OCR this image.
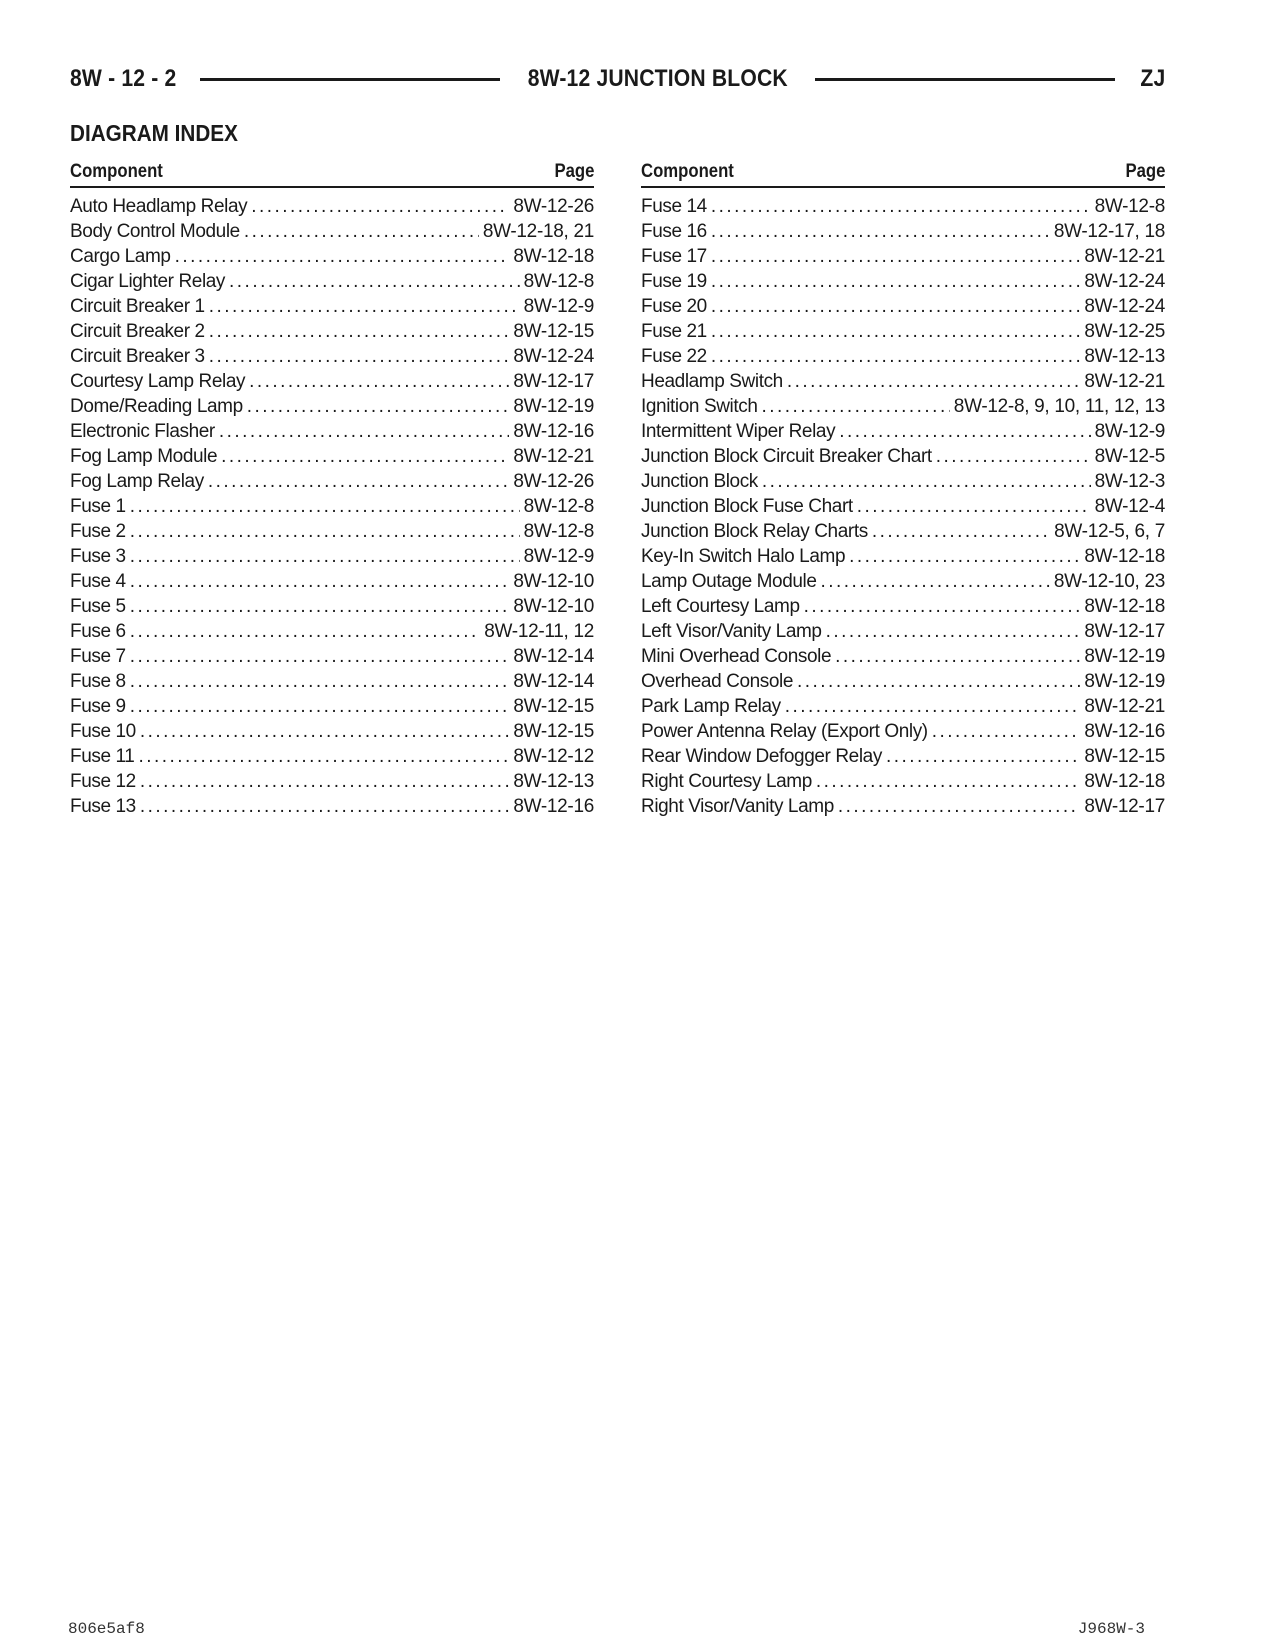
8W - 12 - 2	8W-12 JUNCTION BLOCK	ZJ
DIAGRAM INDEX
Component	Page
Auto Headlamp Relay . . .	8W-12-26
Body Control Module . . .	8W-12-18, 21
Cargo Lamp . . .	8W-12-18
Cigar Lighter Relay . . .	8W-12-8
Circuit Breaker 1 . . .	8W-12-9
Circuit Breaker 2 . . .	8W-12-15
Circuit Breaker 3 . . .	8W-12-24
Courtesy Lamp Relay . . .	8W-12-17
Dome/Reading Lamp . . .	8W-12-19
Electronic Flasher . . .	8W-12-16
Fog Lamp Module . . .	8W-12-21
Fog Lamp Relay . . .	8W-12-26
Fuse 1 . . .	8W-12-8
Fuse 2 . . .	8W-12-8
Fuse 3 . . .	8W-12-9
Fuse 4 . . .	8W-12-10
Fuse 5 . . .	8W-12-10
Fuse 6 . . .	8W-12-11, 12
Fuse 7 . . .	8W-12-14
Fuse 8 . . .	8W-12-14
Fuse 9 . . .	8W-12-15
Fuse 10 . . .	8W-12-15
Fuse 11 . . .	8W-12-12
Fuse 12 . . .	8W-12-13
Fuse 13 . . .	8W-12-16
Component	Page
Fuse 14 . . .	8W-12-8
Fuse 16 . . .	8W-12-17, 18
Fuse 17 . . .	8W-12-21
Fuse 19 . . .	8W-12-24
Fuse 20 . . .	8W-12-24
Fuse 21 . . .	8W-12-25
Fuse 22 . . .	8W-12-13
Headlamp Switch . . .	8W-12-21
Ignition Switch . . .	8W-12-8, 9, 10, 11, 12, 13
Intermittent Wiper Relay . . .	8W-12-9
Junction Block Circuit Breaker Chart . . .	8W-12-5
Junction Block . . .	8W-12-3
Junction Block Fuse Chart . . .	8W-12-4
Junction Block Relay Charts . . .	8W-12-5, 6, 7
Key-In Switch Halo Lamp . . .	8W-12-18
Lamp Outage Module . . .	8W-12-10, 23
Left Courtesy Lamp . . .	8W-12-18
Left Visor/Vanity Lamp . . .	8W-12-17
Mini Overhead Console . . .	8W-12-19
Overhead Console . . .	8W-12-19
Park Lamp Relay . . .	8W-12-21
Power Antenna Relay (Export Only) . . .	8W-12-16
Rear Window Defogger Relay . . .	8W-12-15
Right Courtesy Lamp . . .	8W-12-18
Right Visor/Vanity Lamp . . .	8W-12-17
806e5af8	J968W-3
